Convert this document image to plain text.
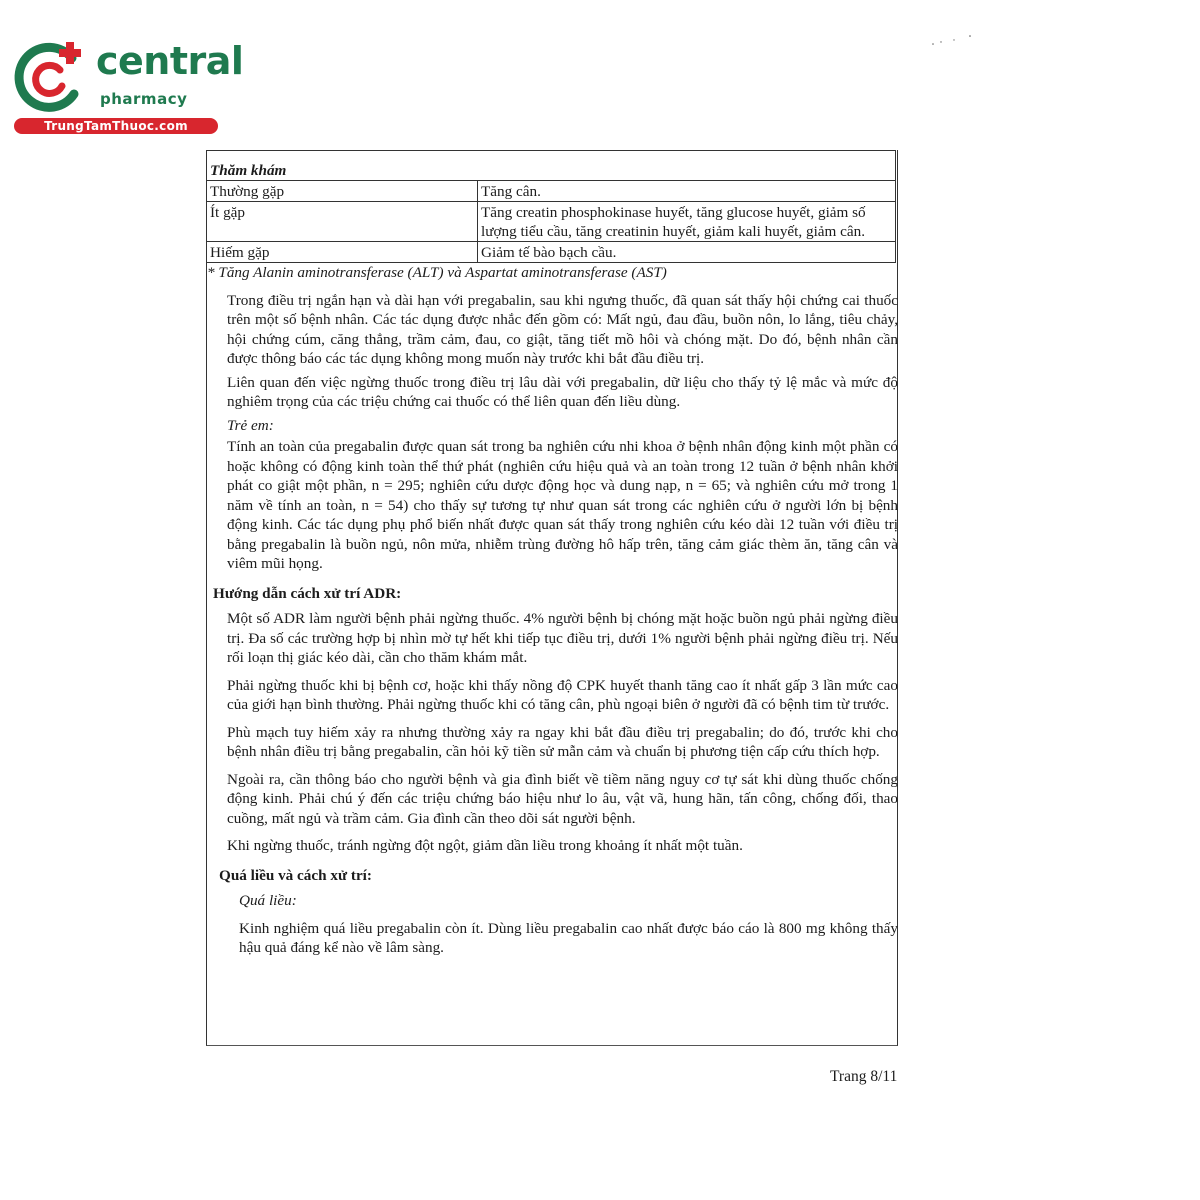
central
pharmacy
TrungTamThuoc.com
Thăm khám	
Thường gặp	Tăng cân.
Ít gặp	Tăng creatin phosphokinase huyết, tăng glucose huyết, giảm số lượng tiểu cầu, tăng creatinin huyết, giảm kali huyết, giảm cân.
Hiếm gặp	Giảm tế bào bạch cầu.

* Tăng Alanin aminotransferase (ALT) và Aspartat aminotransferase (AST)

Trong điều trị ngắn hạn và dài hạn với pregabalin, sau khi ngưng thuốc, đã quan sát thấy hội chứng cai thuốc trên một số bệnh nhân. Các tác dụng được nhắc đến gồm có: Mất ngủ, đau đầu, buồn nôn, lo lắng, tiêu chảy, hội chứng cúm, căng thẳng, trầm cảm, đau, co giật, tăng tiết mồ hôi và chóng mặt. Do đó, bệnh nhân cần được thông báo các tác dụng không mong muốn này trước khi bắt đầu điều trị.

Liên quan đến việc ngừng thuốc trong điều trị lâu dài với pregabalin, dữ liệu cho thấy tỷ lệ mắc và mức độ nghiêm trọng của các triệu chứng cai thuốc có thể liên quan đến liều dùng.

Trẻ em:

Tính an toàn của pregabalin được quan sát trong ba nghiên cứu nhi khoa ở bệnh nhân động kinh một phần có hoặc không có động kinh toàn thể thứ phát (nghiên cứu hiệu quả và an toàn trong 12 tuần ở bệnh nhân khởi phát co giật một phần, n = 295; nghiên cứu dược động học và dung nạp, n = 65; và nghiên cứu mở trong 1 năm về tính an toàn, n = 54) cho thấy sự tương tự như quan sát trong các nghiên cứu ở người lớn bị bệnh động kinh. Các tác dụng phụ phổ biến nhất được quan sát thấy trong nghiên cứu kéo dài 12 tuần với điều trị bằng pregabalin là buồn ngủ, nôn mửa, nhiễm trùng đường hô hấp trên, tăng cảm giác thèm ăn, tăng cân và viêm mũi họng.

Hướng dẫn cách xử trí ADR:

Một số ADR làm người bệnh phải ngừng thuốc. 4% người bệnh bị chóng mặt hoặc buồn ngủ phải ngừng điều trị. Đa số các trường hợp bị nhìn mờ tự hết khi tiếp tục điều trị, dưới 1% người bệnh phải ngừng điều trị. Nếu rối loạn thị giác kéo dài, cần cho thăm khám mắt.

Phải ngừng thuốc khi bị bệnh cơ, hoặc khi thấy nồng độ CPK huyết thanh tăng cao ít nhất gấp 3 lần mức cao của giới hạn bình thường. Phải ngừng thuốc khi có tăng cân, phù ngoại biên ở người đã có bệnh tim từ trước.

Phù mạch tuy hiếm xảy ra nhưng thường xảy ra ngay khi bắt đầu điều trị pregabalin; do đó, trước khi cho bệnh nhân điều trị bằng pregabalin, cần hỏi kỹ tiền sử mẫn cảm và chuẩn bị phương tiện cấp cứu thích hợp.

Ngoài ra, cần thông báo cho người bệnh và gia đình biết về tiềm năng nguy cơ tự sát khi dùng thuốc chống động kinh. Phải chú ý đến các triệu chứng báo hiệu như lo âu, vật vã, hung hãn, tấn công, chống đối, thao cuồng, mất ngủ và trầm cảm. Gia đình cần theo dõi sát người bệnh.

Khi ngừng thuốc, tránh ngừng đột ngột, giảm dần liều trong khoảng ít nhất một tuần.

Quá liều và cách xử trí:

Quá liều:

Kinh nghiệm quá liều pregabalin còn ít. Dùng liều pregabalin cao nhất được báo cáo là 800 mg không thấy hậu quả đáng kể nào về lâm sàng.

Trang 8/11
